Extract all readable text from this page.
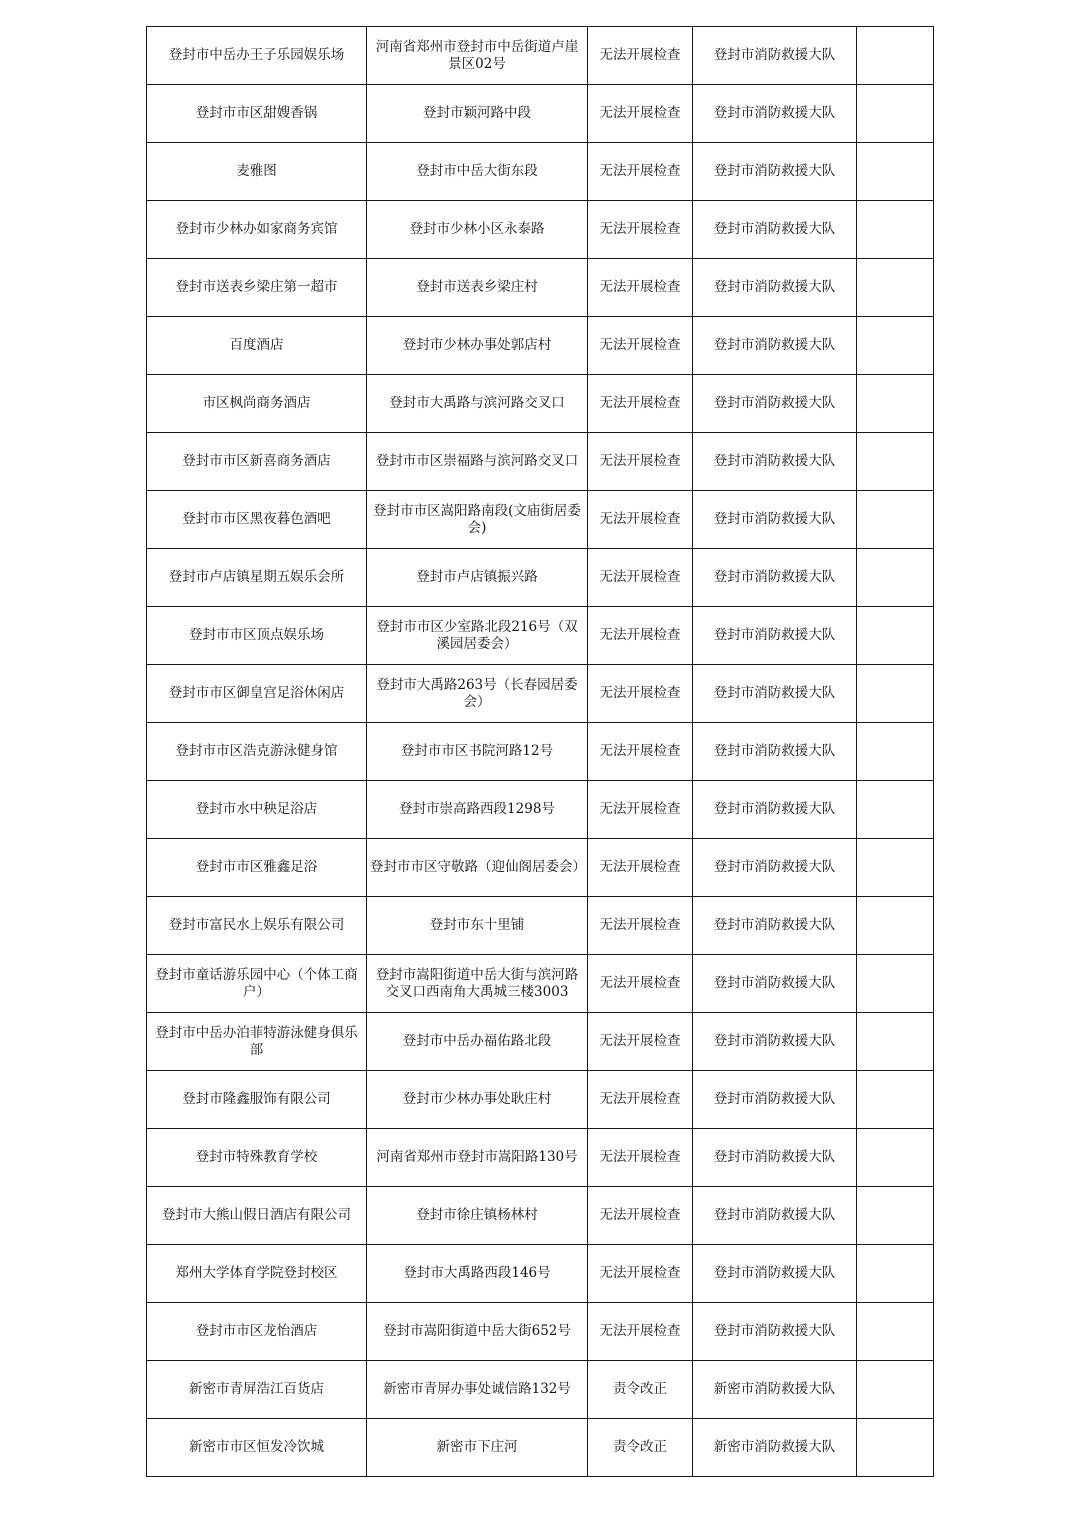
登封市中岳办王子乐园娱乐场	河南省郑州市登封市中岳街道卢崖景区02号	无法开展检查	登封市消防救援大队	
登封市市区甜嫂香锅	登封市颖河路中段	无法开展检查	登封市消防救援大队	
麦雅图	登封市中岳大街东段	无法开展检查	登封市消防救援大队	
登封市少林办如家商务宾馆	登封市少林小区永泰路	无法开展检查	登封市消防救援大队	
登封市送表乡梁庄第一超市	登封市送表乡梁庄村	无法开展检查	登封市消防救援大队	
百度酒店	登封市少林办事处郭店村	无法开展检查	登封市消防救援大队	
市区枫尚商务酒店	登封市大禹路与滨河路交叉口	无法开展检查	登封市消防救援大队	
登封市市区新喜商务酒店	登封市市区崇福路与滨河路交叉口	无法开展检查	登封市消防救援大队	
登封市市区黑夜暮色酒吧	登封市市区嵩阳路南段(文庙街居委会)	无法开展检查	登封市消防救援大队	
登封市卢店镇星期五娱乐会所	登封市卢店镇振兴路	无法开展检查	登封市消防救援大队	
登封市市区顶点娱乐场	登封市市区少室路北段216号（双溪园居委会）	无法开展检查	登封市消防救援大队	
登封市市区御皇宫足浴休闲店	登封市大禹路263号（长春园居委会）	无法开展检查	登封市消防救援大队	
登封市市区浩克游泳健身馆	登封市市区书院河路12号	无法开展检查	登封市消防救援大队	
登封市水中秧足浴店	登封市崇高路西段1298号	无法开展检查	登封市消防救援大队	
登封市市区雅鑫足浴	登封市市区守敬路（迎仙阁居委会）	无法开展检查	登封市消防救援大队	
登封市富民水上娱乐有限公司	登封市东十里铺	无法开展检查	登封市消防救援大队	
登封市童话游乐园中心（个体工商户）	登封市嵩阳街道中岳大街与滨河路交叉口西南角大禹城三楼3003	无法开展检查	登封市消防救援大队	
登封市中岳办泊菲特游泳健身俱乐部	登封市中岳办福佑路北段	无法开展检查	登封市消防救援大队	
登封市隆鑫服饰有限公司	登封市少林办事处耿庄村	无法开展检查	登封市消防救援大队	
登封市特殊教育学校	河南省郑州市登封市嵩阳路130号	无法开展检查	登封市消防救援大队	
登封市大熊山假日酒店有限公司	登封市徐庄镇杨林村	无法开展检查	登封市消防救援大队	
郑州大学体育学院登封校区	登封市大禹路西段146号	无法开展检查	登封市消防救援大队	
登封市市区龙怡酒店	登封市嵩阳街道中岳大街652号	无法开展检查	登封市消防救援大队	
新密市青屏浩江百货店	新密市青屏办事处诚信路132号	责令改正	新密市消防救援大队	
新密市市区恒发冷饮城	新密市下庄河	责令改正	新密市消防救援大队	
